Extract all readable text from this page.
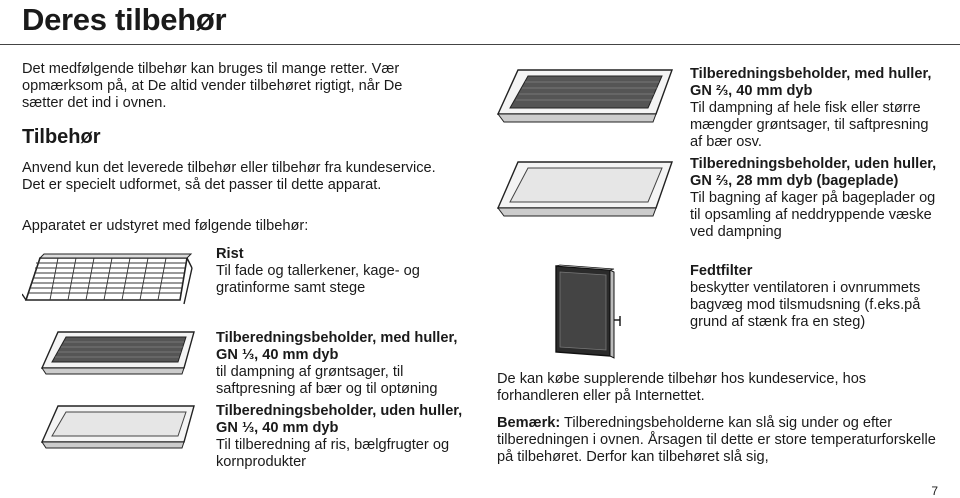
Deres tilbehør

Det medfølgende tilbehør kan bruges til mange retter. Vær opmærksom på, at De altid vender tilbehøret rigtigt, når De sætter det ind i ovnen.

Tilbehør

Anvend kun det leverede tilbehør eller tilbehør fra kundeservice. Det er specielt udformet, så det passer til dette apparat.

Apparatet er udstyret med følgende tilbehør:

Rist
Til fade og tallerkener, kage- og gratinforme samt stege
Tilberedningsbeholder, med huller, GN ⅓, 40 mm dyb
til dampning af grøntsager, til saftpresning af bær og til optøning
Tilberedningsbeholder, uden huller, GN ⅓, 40 mm dyb
Til tilberedning af ris, bælgfrugter og kornprodukter
Tilberedningsbeholder, med huller, GN ⅔, 40 mm dyb
Til dampning af hele fisk eller større mængder grøntsager, til saftpresning af bær osv.
Tilberedningsbeholder, uden huller, GN ⅔, 28 mm dyb (bageplade)
Til bagning af kager på bageplader og til opsamling af neddryppende væske ved dampning
Fedtfilter
beskytter ventilatoren i ovnrummets bagvæg mod tilsmudsning (f.eks.på grund af stænk fra en steg)

De kan købe supplerende tilbehør hos kundeservice, hos forhandleren eller på Internettet.

Bemærk: Tilberedningsbeholderne kan slå sig under og efter tilberedningen i ovnen. Årsagen til dette er store temperaturforskelle på tilbehøret. Derfor kan tilbehøret slå sig,

7
